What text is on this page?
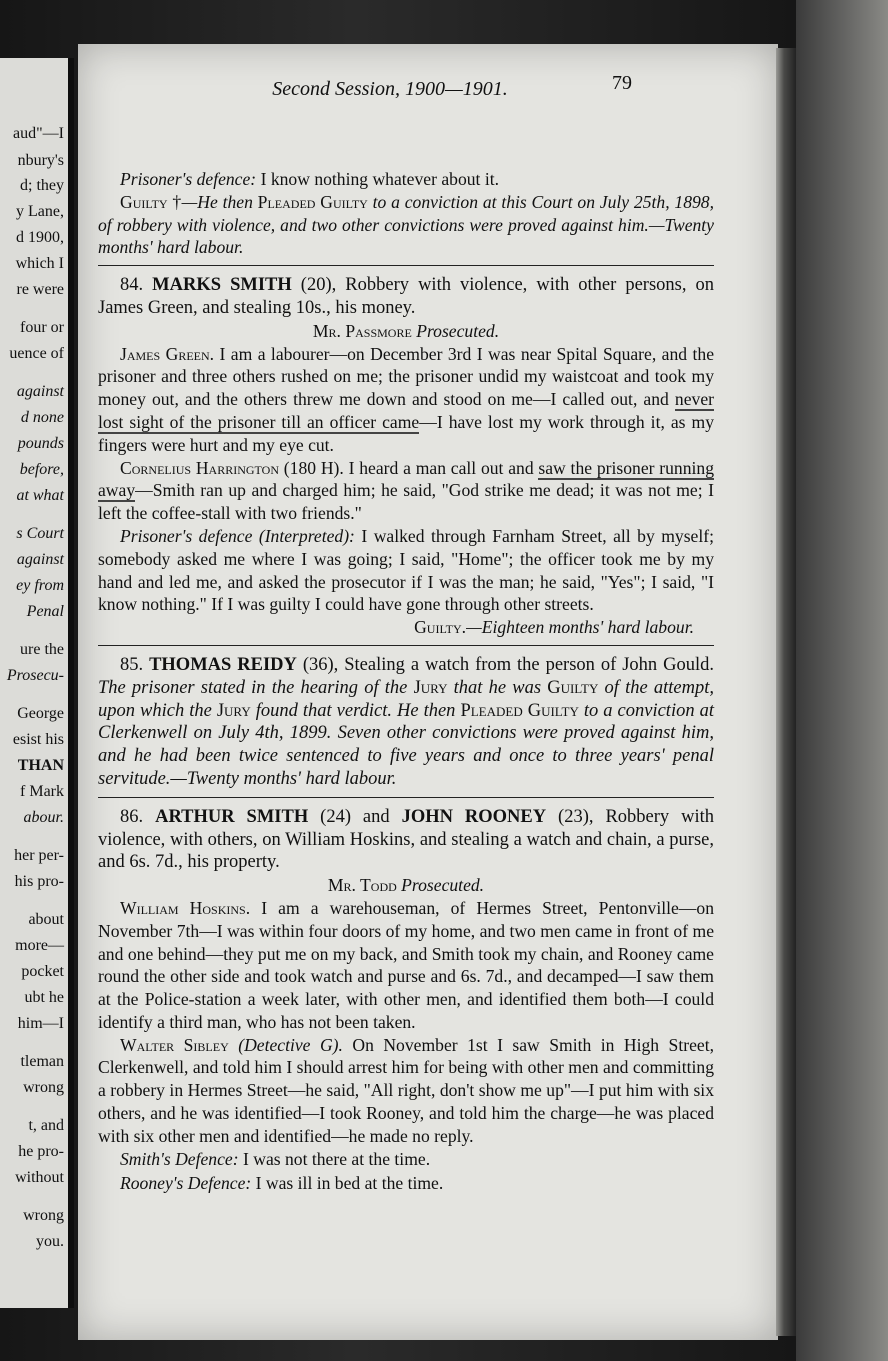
aud"—I
nbury's
d; they
y Lane,
d 1900,
which I
re were
four or
uence of
against
d none
pounds
before,
at what
s Court
against
ey from
Penal
ure the
Prosecu-
George
esist his
THAN
f Mark
abour.
her per-
his pro-
about
more—
pocket
ubt he
him—I
tleman
wrong
t, and
he pro-
without
wrong
you.
Second Session, 1900—1901.	79

Prisoner's defence: I know nothing whatever about it.

Guilty †—He then Pleaded Guilty to a conviction at this Court on July 25th, 1898, of robbery with violence, and two other convictions were proved against him.—Twenty months' hard labour.

84. MARKS SMITH (20), Robbery with violence, with other persons, on James Green, and stealing 10s., his money.

Mr. Passmore Prosecuted.

James Green. I am a labourer—on December 3rd I was near Spital Square, and the prisoner and three others rushed on me; the prisoner undid my waistcoat and took my money out, and the others threw me down and stood on me—I called out, and never lost sight of the prisoner till an officer came—I have lost my work through it, as my fingers were hurt and my eye cut.

Cornelius Harrington (180 H). I heard a man call out and saw the prisoner running away—Smith ran up and charged him; he said, "God strike me dead; it was not me; I left the coffee-stall with two friends."

Prisoner's defence (Interpreted): I walked through Farnham Street, all by myself; somebody asked me where I was going; I said, "Home"; the officer took me by my hand and led me, and asked the prosecutor if I was the man; he said, "Yes"; I said, "I know nothing." If I was guilty I could have gone through other streets.

Guilty.—Eighteen months' hard labour.

85. THOMAS REIDY (36), Stealing a watch from the person of John Gould. The prisoner stated in the hearing of the Jury that he was Guilty of the attempt, upon which the Jury found that verdict. He then Pleaded Guilty to a conviction at Clerkenwell on July 4th, 1899. Seven other convictions were proved against him, and he had been twice sentenced to five years and once to three years' penal servitude.—Twenty months' hard labour.

86. ARTHUR SMITH (24) and JOHN ROONEY (23), Robbery with violence, with others, on William Hoskins, and stealing a watch and chain, a purse, and 6s. 7d., his property.

Mr. Todd Prosecuted.

William Hoskins. I am a warehouseman, of Hermes Street, Pentonville—on November 7th—I was within four doors of my home, and two men came in front of me and one behind—they put me on my back, and Smith took my chain, and Rooney came round the other side and took watch and purse and 6s. 7d., and decamped—I saw them at the Police-station a week later, with other men, and identified them both—I could identify a third man, who has not been taken.

Walter Sibley (Detective G). On November 1st I saw Smith in High Street, Clerkenwell, and told him I should arrest him for being with other men and committing a robbery in Hermes Street—he said, "All right, don't show me up"—I put him with six others, and he was identified—I took Rooney, and told him the charge—he was placed with six other men and identified—he made no reply.

Smith's Defence: I was not there at the time.

Rooney's Defence: I was ill in bed at the time.
